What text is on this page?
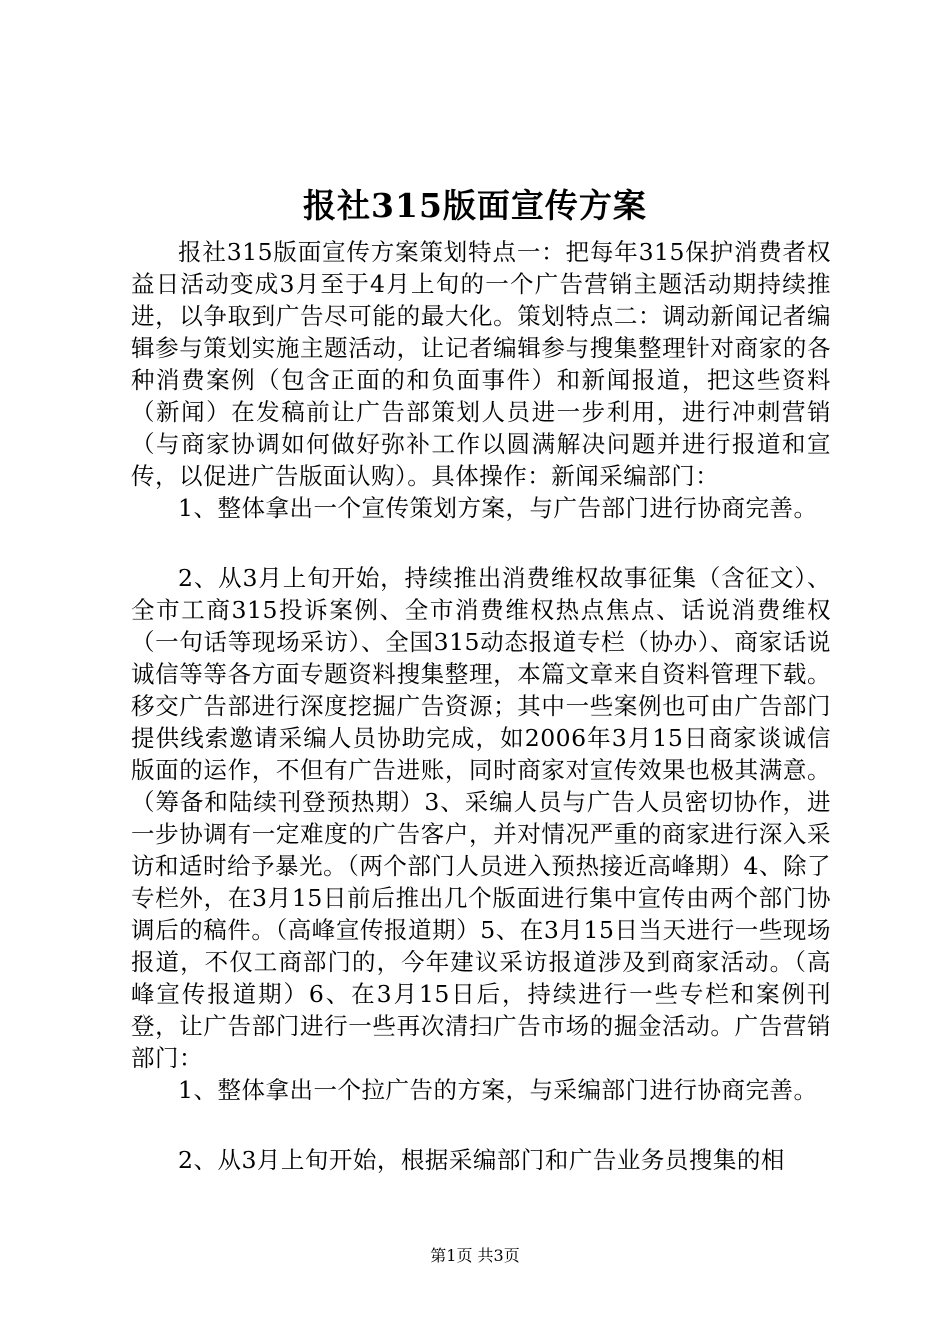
报社315版面宣传方案

报社315版面宣传方案策划特点一：把每年315保护消费者权益日活动变成3月至于4月上旬的一个广告营销主题活动期持续推进，以争取到广告尽可能的最大化。策划特点二：调动新闻记者编辑参与策划实施主题活动，让记者编辑参与搜集整理针对商家的各种消费案例（包含正面的和负面事件）和新闻报道，把这些资料（新闻）在发稿前让广告部策划人员进一步利用，进行冲刺营销（与商家协调如何做好弥补工作以圆满解决问题并进行报道和宣传，以促进广告版面认购）。具体操作：新闻采编部门：

1、整体拿出一个宣传策划方案，与广告部门进行协商完善。

2、从3月上旬开始，持续推出消费维权故事征集（含征文）、全市工商315投诉案例、全市消费维权热点焦点、话说消费维权（一句话等现场采访）、全国315动态报道专栏（协办）、商家话说诚信等等各方面专题资料搜集整理，本篇文章来自资料管理下载。移交广告部进行深度挖掘广告资源；其中一些案例也可由广告部门提供线索邀请采编人员协助完成，如2006年3月15日商家谈诚信版面的运作，不但有广告进账，同时商家对宣传效果也极其满意。（筹备和陆续刊登预热期）3、采编人员与广告人员密切协作，进一步协调有一定难度的广告客户，并对情况严重的商家进行深入采访和适时给予暴光。（两个部门人员进入预热接近高峰期）4、除了专栏外，在3月15日前后推出几个版面进行集中宣传由两个部门协调后的稿件。（高峰宣传报道期）5、在3月15日当天进行一些现场报道，不仅工商部门的，今年建议采访报道涉及到商家活动。（高峰宣传报道期）6、在3月15日后，持续进行一些专栏和案例刊登，让广告部门进行一些再次清扫广告市场的掘金活动。广告营销部门：

1、整体拿出一个拉广告的方案，与采编部门进行协商完善。

2、从3月上旬开始，根据采编部门和广告业务员搜集的相

第1页 共3页
